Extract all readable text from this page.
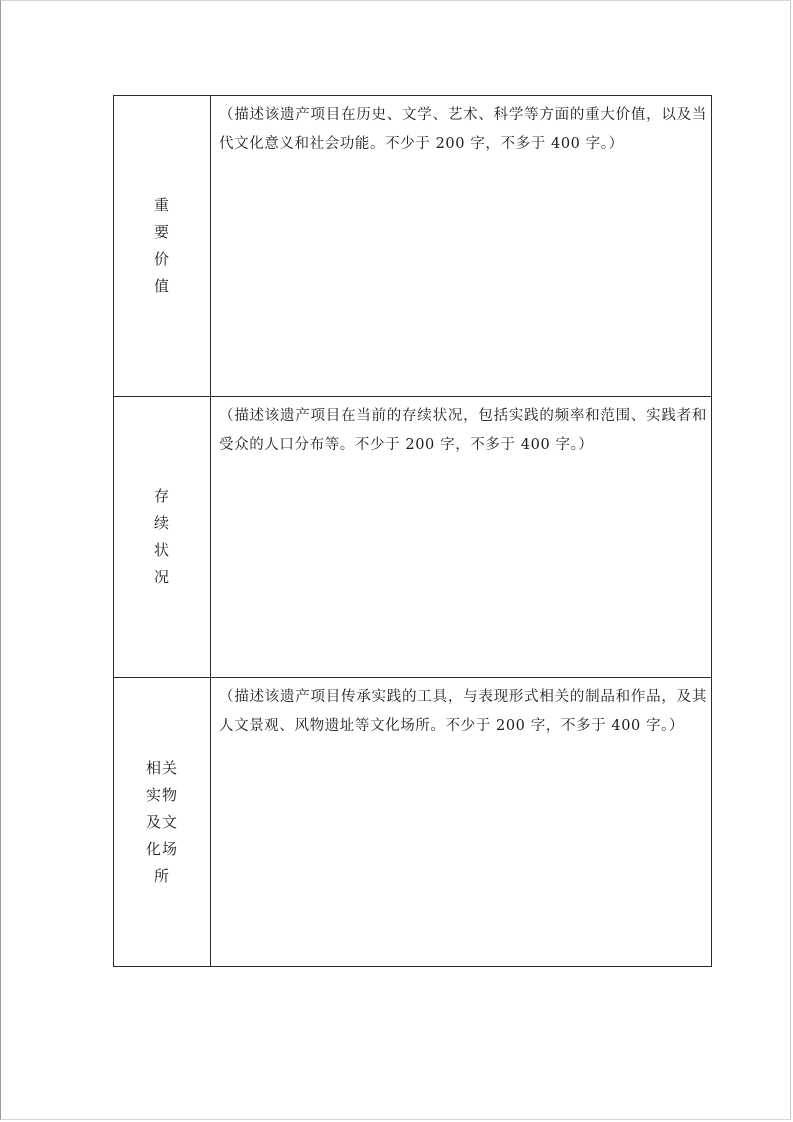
重
要
价
值	（描述该遗产项目在历史、文学、艺术、科学等方面的重大价值，以及当代文化意义和社会功能。不少于 200 字，不多于 400 字。）

存
续
状
况	（描述该遗产项目在当前的存续状况，包括实践的频率和范围、实践者和受众的人口分布等。不少于 200 字，不多于 400 字。）

相关
实物
及文
化场
所	（描述该遗产项目传承实践的工具，与表现形式相关的制品和作品，及其人文景观、风物遗址等文化场所。不少于 200 字，不多于 400 字。）
